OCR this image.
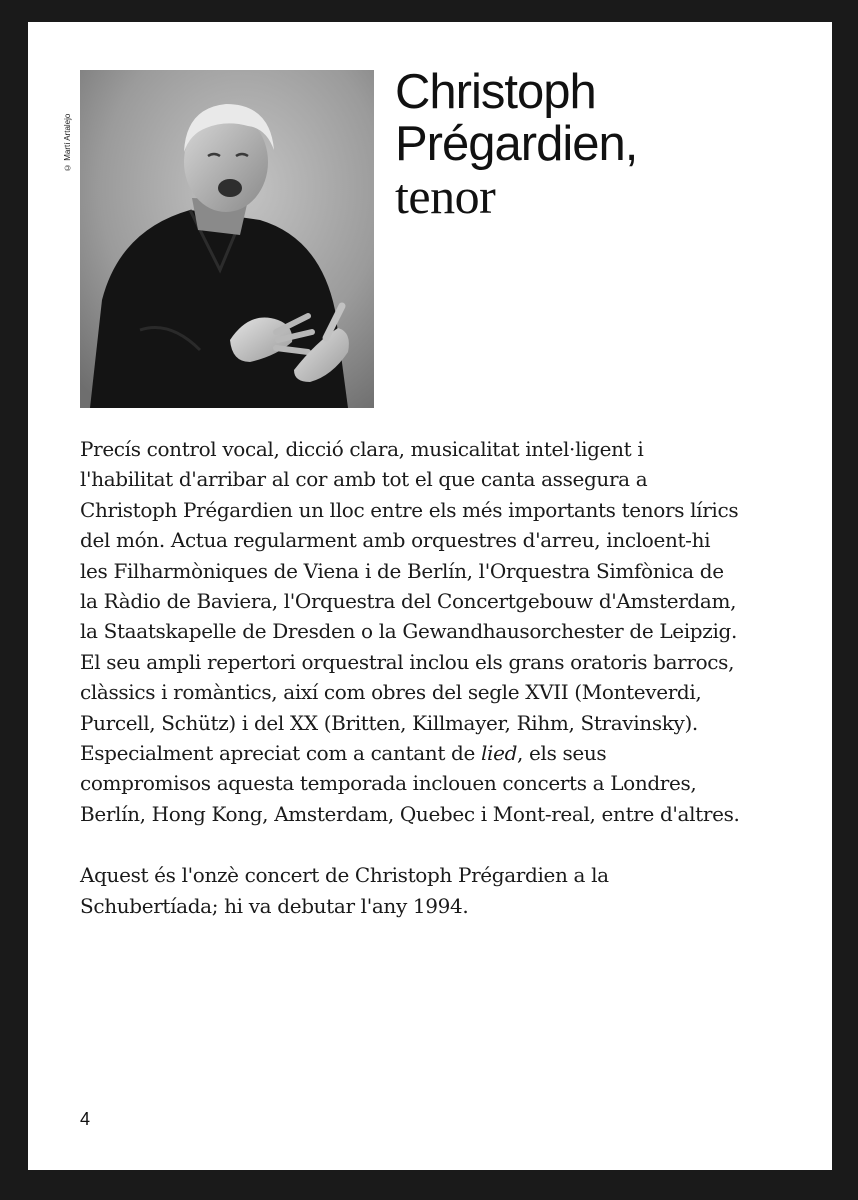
© Martí Artalejo
Christoph
Prégardien,
tenor

Precís control vocal, dicció clara, musicalitat intel·ligent i l'habilitat d'arribar al cor amb tot el que canta assegura a Christoph Prégardien un lloc entre els més importants tenors lírics del món. Actua regularment amb orquestres d'arreu, incloent-hi les Filharmòniques de Viena i de Berlín, l'Orquestra Simfònica de la Ràdio de Baviera, l'Orquestra del Concertgebouw d'Amsterdam, la Staatskapelle de Dresden o la Gewandhausorchester de Leipzig. El seu ampli repertori orquestral inclou els grans oratoris barrocs, clàssics i romàntics, així com obres del segle XVII (Monteverdi, Purcell, Schütz) i del XX (Britten, Killmayer, Rihm, Stravinsky). Especialment apreciat com a cantant de lied, els seus compromisos aquesta temporada inclouen concerts a Londres, Berlín, Hong Kong, Amsterdam, Quebec i Mont-real, entre d'altres.

Aquest és l'onzè concert de Christoph Prégardien a la Schubertíada; hi va debutar l'any 1994.

4
